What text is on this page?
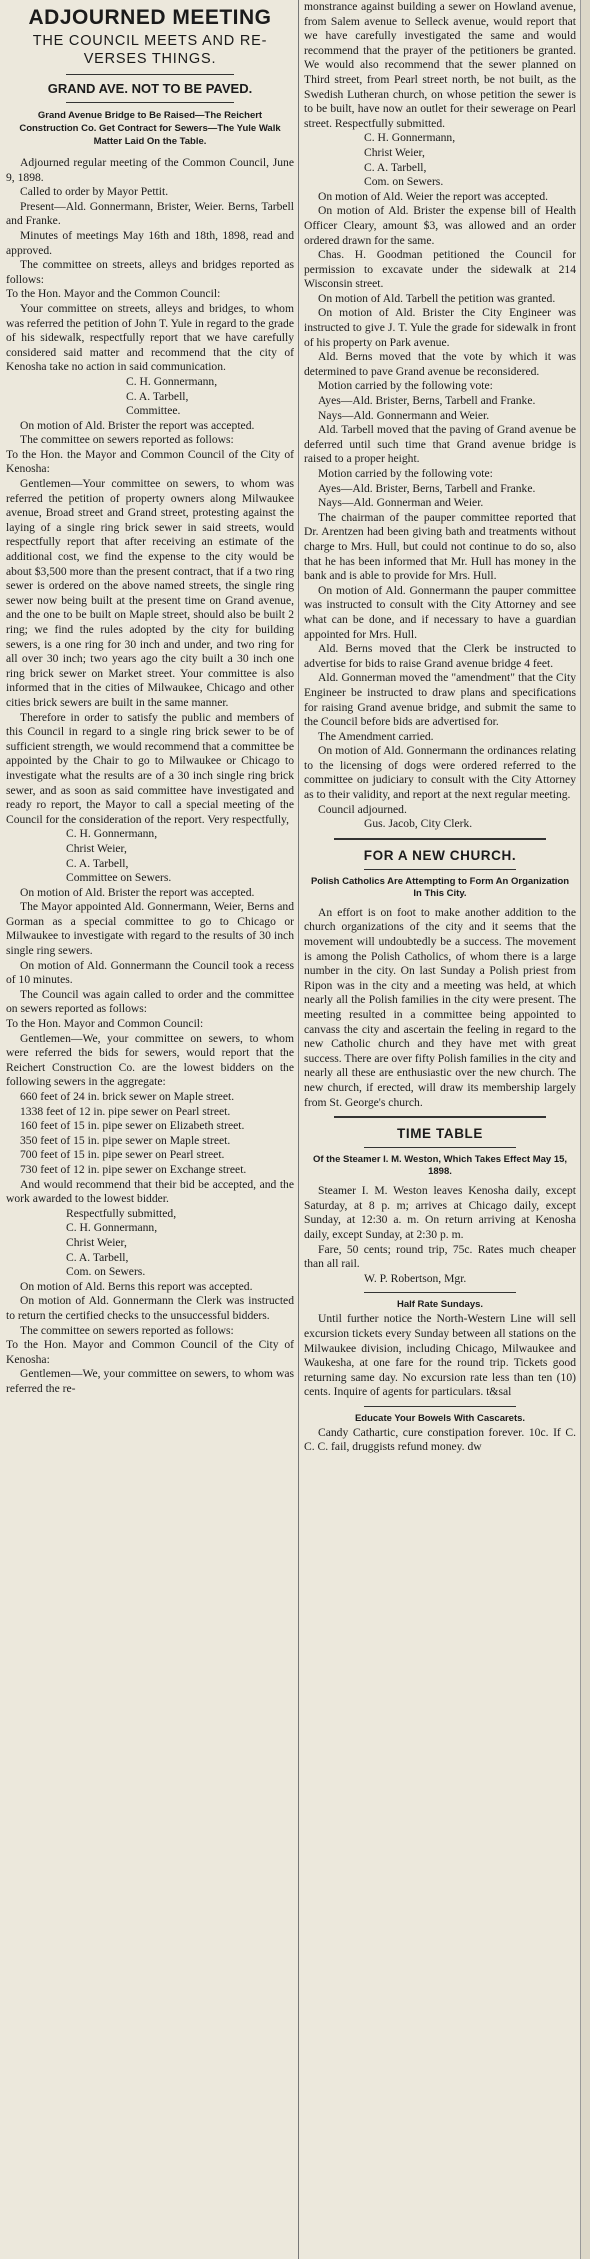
ADJOURNED MEETING
THE COUNCIL MEETS AND RE-VERSES THINGS.
GRAND AVE. NOT TO BE PAVED.
Grand Avenue Bridge to Be Raised—The Reichert Construction Co. Get Contract for Sewers—The Yule Walk Matter Laid On the Table.

Adjourned regular meeting of the Common Council, June 9, 1898.

Called to order by Mayor Pettit.

Present—Ald. Gonnermann, Brister, Weier. Berns, Tarbell and Franke.

Minutes of meetings May 16th and 18th, 1898, read and approved.

The committee on streets, alleys and bridges reported as follows:

To the Hon. Mayor and the Common Council:

Your committee on streets, alleys and bridges, to whom was referred the petition of John T. Yule in regard to the grade of his sidewalk, respectfully report that we have carefully considered said matter and recommend that the city of Kenosha take no action in said communication.

C. H. Gonnermann,

C. A. Tarbell,

Committee.

On motion of Ald. Brister the report was accepted.

The committee on sewers reported as follows:

To the Hon. the Mayor and Common Council of the City of Kenosha:

Gentlemen—Your committee on sewers, to whom was referred the petition of property owners along Milwaukee avenue, Broad street and Grand street, protesting against the laying of a single ring brick sewer in said streets, would respectfully report that after receiving an estimate of the additional cost, we find the expense to the city would be about $3,500 more than the present contract, that if a two ring sewer is ordered on the above named streets, the single ring sewer now being built at the present time on Grand avenue, and the one to be built on Maple street, should also be built 2 ring; we find the rules adopted by the city for building sewers, is a one ring for 30 inch and under, and two ring for all over 30 inch; two years ago the city built a 30 inch one ring brick sewer on Market street. Your committee is also informed that in the cities of Milwaukee, Chicago and other cities brick sewers are built in the same manner.

Therefore in order to satisfy the public and members of this Council in regard to a single ring brick sewer to be of sufficient strength, we would recommend that a committee be appointed by the Chair to go to Milwaukee or Chicago to investigate what the results are of a 30 inch single ring brick sewer, and as soon as said committee have investigated and ready ro report, the Mayor to call a special meeting of the Council for the consideration of the report. Very respectfully,

C. H. Gonnermann,

Christ Weier,

C. A. Tarbell,

Committee on Sewers.

On motion of Ald. Brister the report was accepted.

The Mayor appointed Ald. Gonnermann, Weier, Berns and Gorman as a special committee to go to Chicago or Milwaukee to investigate with regard to the results of 30 inch single ring sewers.

On motion of Ald. Gonnermann the Council took a recess of 10 minutes.

The Council was again called to order and the committee on sewers reported as follows:

To the Hon. Mayor and Common Council:

Gentlemen—We, your committee on sewers, to whom were referred the bids for sewers, would report that the Reichert Construction Co. are the lowest bidders on the following sewers in the aggregate:

660 feet of 24 in. brick sewer on Maple street.

1338 feet of 12 in. pipe sewer on Pearl street.

160 feet of 15 in. pipe sewer on Elizabeth street.

350 feet of 15 in. pipe sewer on Maple street.

700 feet of 15 in. pipe sewer on Pearl street.

730 feet of 12 in. pipe sewer on Exchange street.

And would recommend that their bid be accepted, and the work awarded to the lowest bidder.

Respectfully submitted,

C. H. Gonnermann,

Christ Weier,

C. A. Tarbell,

Com. on Sewers.

On motion of Ald. Berns this report was accepted.

On motion of Ald. Gonnermann the Clerk was instructed to return the certified checks to the unsuccessful bidders.

The committee on sewers reported as follows:

To the Hon. Mayor and Common Council of the City of Kenosha:

Gentlemen—We, your committee on sewers, to whom was referred the re-

monstrance against building a sewer on Howland avenue, from Salem avenue to Selleck avenue, would report that we have carefully investigated the same and would recommend that the prayer of the petitioners be granted. We would also recommend that the sewer planned on Third street, from Pearl street north, be not built, as the Swedish Lutheran church, on whose petition the sewer is to be built, have now an outlet for their sewerage on Pearl street. Respectfully submitted.

C. H. Gonnermann,

Christ Weier,

C. A. Tarbell,

Com. on Sewers.

On motion of Ald. Weier the report was accepted.

On motion of Ald. Brister the expense bill of Health Officer Cleary, amount $3, was allowed and an order ordered drawn for the same.

Chas. H. Goodman petitioned the Council for permission to excavate under the sidewalk at 214 Wisconsin street.

On motion of Ald. Tarbell the petition was granted.

On motion of Ald. Brister the City Engineer was instructed to give J. T. Yule the grade for sidewalk in front of his property on Park avenue.

Ald. Berns moved that the vote by which it was determined to pave Grand avenue be reconsidered.

Motion carried by the following vote:

Ayes—Ald. Brister, Berns, Tarbell and Franke.

Nays—Ald. Gonnermann and Weier.

Ald. Tarbell moved that the paving of Grand avenue be deferred until such time that Grand avenue bridge is raised to a proper height.

Motion carried by the following vote:

Ayes—Ald. Brister, Berns, Tarbell and Franke.

Nays—Ald. Gonnerman and Weier.

The chairman of the pauper committee reported that Dr. Arentzen had been giving bath and treatments without charge to Mrs. Hull, but could not continue to do so, also that he has been informed that Mr. Hull has money in the bank and is able to provide for Mrs. Hull.

On motion of Ald. Gonnermann the pauper committee was instructed to consult with the City Attorney and see what can be done, and if necessary to have a guardian appointed for Mrs. Hull.

Ald. Berns moved that the Clerk be instructed to advertise for bids to raise Grand avenue bridge 4 feet.

Ald. Gonnerman moved the "amendment" that the City Engineer be instructed to draw plans and specifications for raising Grand avenue bridge, and submit the same to the Council before bids are advertised for.

The Amendment carried.

On motion of Ald. Gonnermann the ordinances relating to the licensing of dogs were ordered referred to the committee on judiciary to consult with the City Attorney as to their validity, and report at the next regular meeting.

Council adjourned.

Gus. Jacob, City Clerk.

FOR A NEW CHURCH.
Polish Catholics Are Attempting to Form An Organization In This City.

An effort is on foot to make another addition to the church organizations of the city and it seems that the movement will undoubtedly be a success. The movement is among the Polish Catholics, of whom there is a large number in the city. On last Sunday a Polish priest from Ripon was in the city and a meeting was held, at which nearly all the Polish families in the city were present. The meeting resulted in a committee being appointed to canvass the city and ascertain the feeling in regard to the new Catholic church and they have met with great success. There are over fifty Polish families in the city and nearly all these are enthusiastic over the new church. The new church, if erected, will draw its membership largely from St. George's church.

TIME TABLE
Of the Steamer I. M. Weston, Which Takes Effect May 15, 1898.

Steamer I. M. Weston leaves Kenosha daily, except Saturday, at 8 p. m; arrives at Chicago daily, except Sunday, at 12:30 a. m. On return arriving at Kenosha daily, except Sunday, at 2:30 p. m.

Fare, 50 cents; round trip, 75c. Rates much cheaper than all rail.

W. P. Robertson, Mgr.

Half Rate Sundays.

Until further notice the North-Western Line will sell excursion tickets every Sunday between all stations on the Milwaukee division, including Chicago, Milwaukee and Waukesha, at one fare for the round trip. Tickets good returning same day. No excursion rate less than ten (10) cents. Inquire of agents for particulars. t&sal

Educate Your Bowels With Cascarets.

Candy Cathartic, cure constipation forever. 10c. If C. C. C. fail, druggists refund money. dw
